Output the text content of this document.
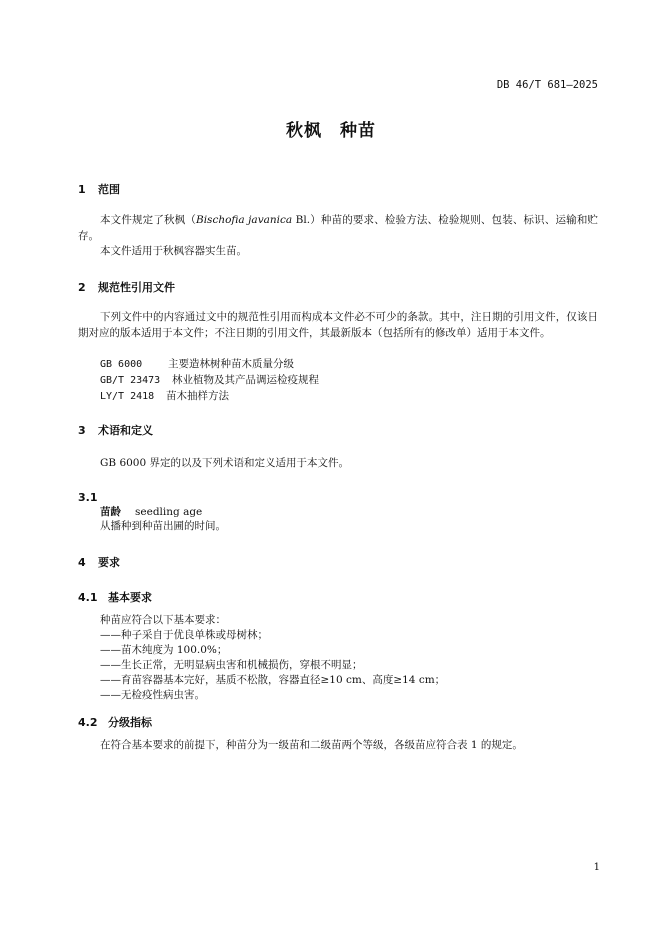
DB 46/T 681—2025
秋枫　种苗
1 范围
本文件规定了秋枫（Bischofia javanica Bl.）种苗的要求、检验方法、检验规则、包装、标识、运输和贮存。
本文件适用于秋枫容器实生苗。
2 规范性引用文件
下列文件中的内容通过文中的规范性引用而构成本文件必不可少的条款。其中，注日期的引用文件，仅该日期对应的版本适用于本文件；不注日期的引用文件，其最新版本（包括所有的修改单）适用于本文件。
GB 6000 主要造林树种苗木质量分级
GB/T 23473 林业植物及其产品调运检疫规程
LY/T 2418 苗木抽样方法
3 术语和定义
GB 6000 界定的以及下列术语和定义适用于本文件。
3.1
苗龄 seedling age
从播种到种苗出圃的时间。
4 要求
4.1 基本要求
种苗应符合以下基本要求：
——种子采自于优良单株或母树林；
——苗木纯度为 100.0%；
——生长正常，无明显病虫害和机械损伤，穿根不明显；
——育苗容器基本完好，基质不松散，容器直径≥10 cm、高度≥14 cm；
——无检疫性病虫害。
4.2 分级指标
在符合基本要求的前提下，种苗分为一级苗和二级苗两个等级，各级苗应符合表 1 的规定。
1
